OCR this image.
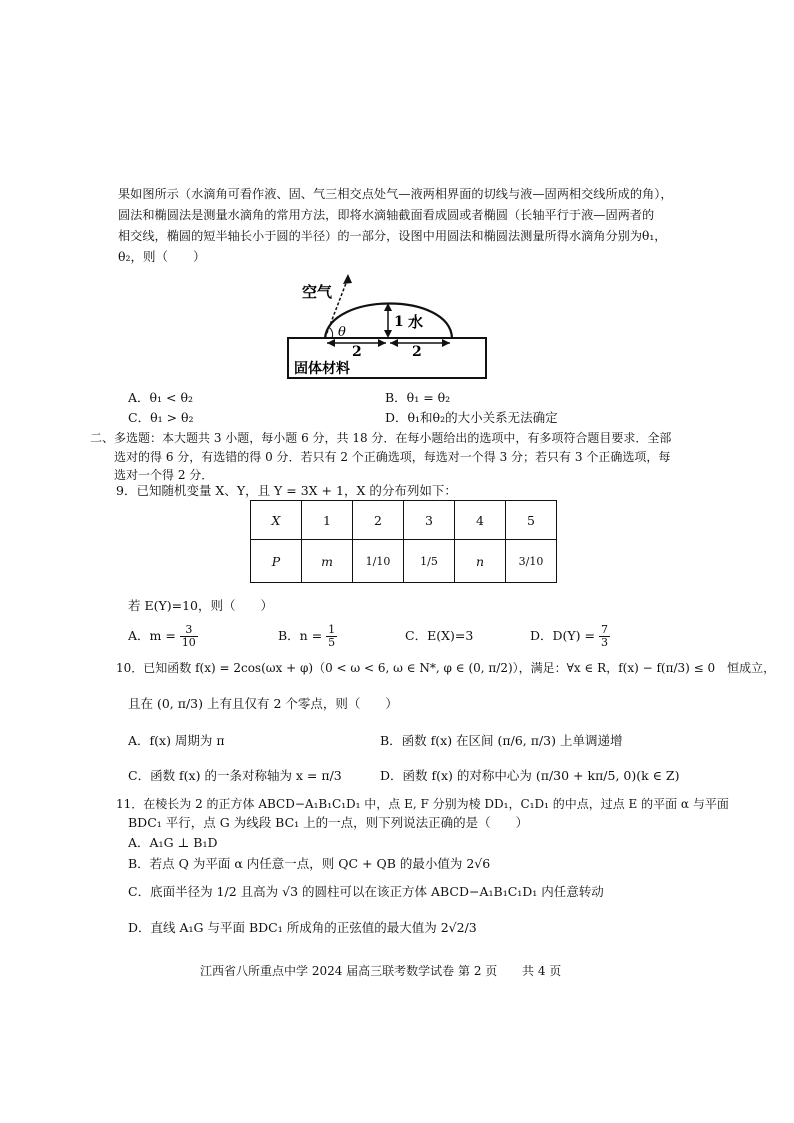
果如图所示（水滴角可看作液、固、气三相交点处气—液两相界面的切线与液—固两相交线所成的角），
圆法和椭圆法是测量水滴角的常用方法，即将水滴轴截面看成圆或者椭圆（长轴平行于液—固两者的
相交线，椭圆的短半轴长小于圆的半径）的一部分，设图中用圆法和椭圆法测量所得水滴角分别为θ₁，
θ₂，则（　　）
空气
θ
1 水
2	2
固体材料
A．θ₁ < θ₂	B．θ₁ = θ₂
C．θ₁ > θ₂	D．θ₁和θ₂的大小关系无法确定
二、多选题：本大题共 3 小题，每小题 6 分，共 18 分．在每小题给出的选项中，有多项符合题目要求．全部
选对的得 6 分，有选错的得 0 分．若只有 2 个正确选项，每选对一个得 3 分；若只有 3 个正确选项，每
选对一个得 2 分．
9．已知随机变量 X、Y，且 Y = 3X + 1，X 的分布列如下：
X	1	2	3	4	5
P	m	1/10	1/5	n	3/10
若 E(Y)=10，则（　　）
A．$m = \frac{3}{10}$	B．$n = \frac{1}{5}$	C．E(X)=3	D．$D(Y) = \frac{7}{3}$
10．已知函数 f(x) = 2cos(ωx + φ)（0 < ω < 6, ω ∈ N*, φ ∈ (0, π/2)），满足：∀x ∈ R，f(x) − f(π/3) ≤ 0　恒成立，
且在 (0, π/3) 上有且仅有 2 个零点，则（　　）
A．f(x) 周期为 π	B．函数 f(x) 在区间 (π/6, π/3) 上单调递增
C．函数 f(x) 的一条对称轴为 x = π/3	D．函数 f(x) 的对称中心为 (π/30 + kπ/5, 0)(k ∈ Z)
11．在棱长为 2 的正方体 ABCD−A₁B₁C₁D₁ 中，点 E, F 分别为棱 DD₁，C₁D₁ 的中点，过点 E 的平面 α 与平面
BDC₁ 平行，点 G 为线段 BC₁ 上的一点，则下列说法正确的是（　　）
A．A₁G ⊥ B₁D
B．若点 Q 为平面 α 内任意一点，则 QC + QB 的最小值为 2√6
C．底面半径为 1/2 且高为 √3 的圆柱可以在该正方体 ABCD−A₁B₁C₁D₁ 内任意转动
D．直线 A₁G 与平面 BDC₁ 所成角的正弦值的最大值为 2√2/3
江西省八所重点中学 2024 届高三联考数学试卷 第 2 页 共 4 页
